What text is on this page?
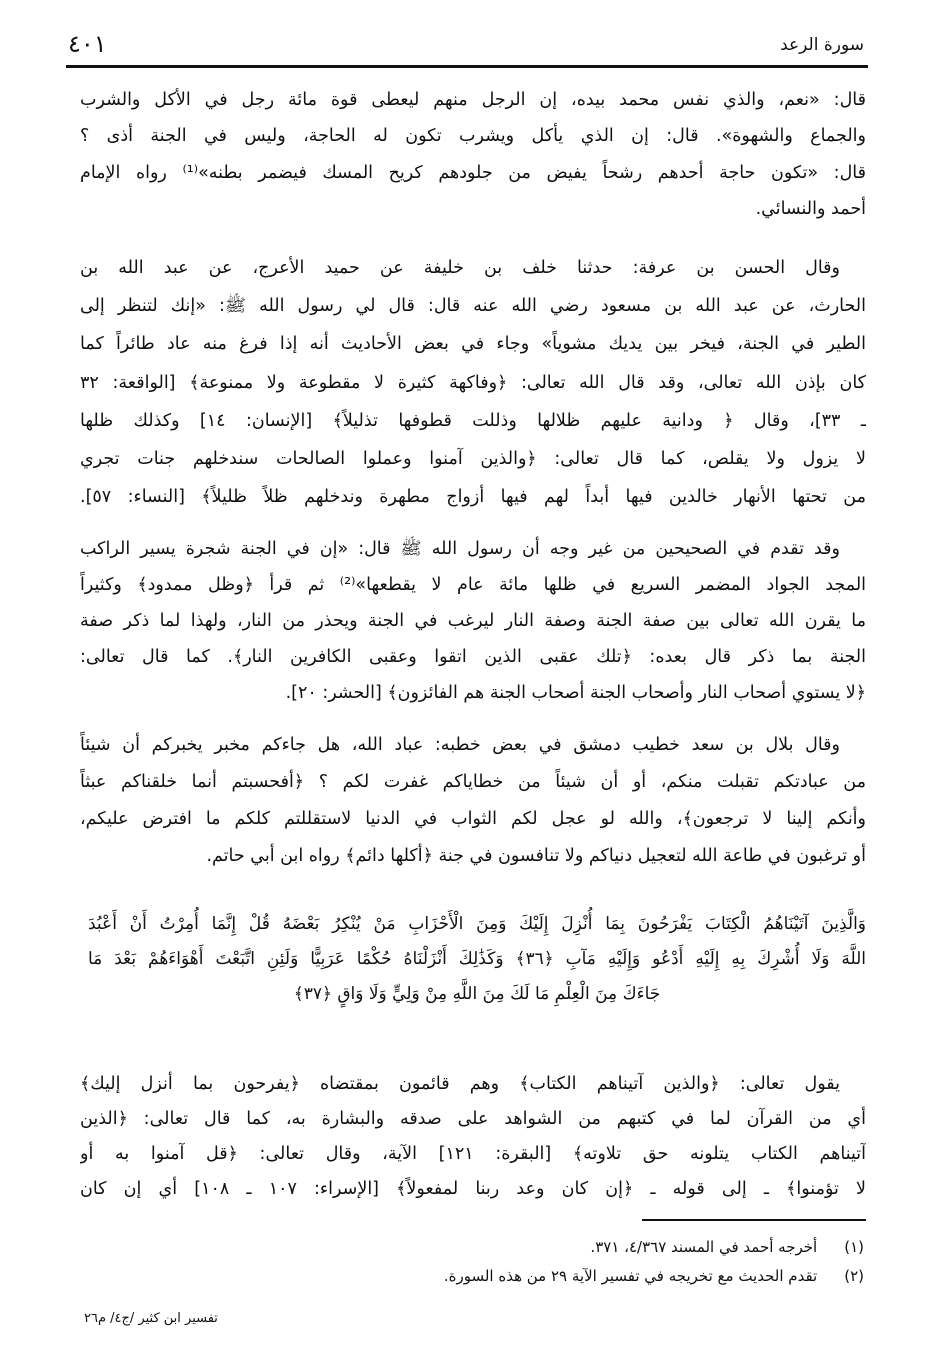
سورة الرعد
٤٠١
قال: «نعم، والذي نفس محمد بيده، إن الرجل منهم ليعطى قوة مائة رجل في الأكل والشرب
والجماع والشهوة». قال: إن الذي يأكل ويشرب تكون له الحاجة، وليس في الجنة أذى ؟
قال: «تكون حاجة أحدهم رشحاً يفيض من جلودهم كريح المسك فيضمر بطنه»⁽¹⁾ رواه الإمام
أحمد والنسائي.
وقال الحسن بن عرفة: حدثنا خلف بن خليفة عن حميد الأعرج، عن عبد الله بن
الحارث، عن عبد الله بن مسعود رضي الله عنه قال: قال لي رسول الله ﷺ: «إنك لتنظر إلى
الطير في الجنة، فيخر بين يديك مشوياً» وجاء في بعض الأحاديث أنه إذا فرغ منه عاد طائراً كما
كان بإذن الله تعالى، وقد قال الله تعالى: ﴿وفاكهة كثيرة لا مقطوعة ولا ممنوعة﴾ [الواقعة: ٣٢
ـ ٣٣]، وقال ﴿ ودانية عليهم ظلالها وذللت قطوفها تذليلاً﴾ [الإنسان: ١٤] وكذلك ظلها
لا يزول ولا يقلص، كما قال تعالى: ﴿والذين آمنوا وعملوا الصالحات سندخلهم جنات تجري
من تحتها الأنهار خالدين فيها أبداً لهم فيها أزواج مطهرة وندخلهم ظلاً ظليلاً﴾ [النساء: ٥٧].
وقد تقدم في الصحيحين من غير وجه أن رسول الله ﷺ قال: «إن في الجنة شجرة يسير الراكب
المجد الجواد المضمر السريع في ظلها مائة عام لا يقطعها»⁽²⁾ ثم قرأ ﴿وظل ممدود﴾ وكثيراً
ما يقرن الله تعالى بين صفة الجنة وصفة النار ليرغب في الجنة ويحذر من النار، ولهذا لما ذكر صفة
الجنة بما ذكر قال بعده: ﴿تلك عقبى الذين اتقوا وعقبى الكافرين النار﴾. كما قال تعالى:
﴿لا يستوي أصحاب النار وأصحاب الجنة أصحاب الجنة هم الفائزون﴾ [الحشر: ٢٠].
وقال بلال بن سعد خطيب دمشق في بعض خطبه: عباد الله، هل جاءكم مخبر يخبركم أن شيئاً
من عبادتكم تقبلت منكم، أو أن شيئاً من خطاياكم غفرت لكم ؟ ﴿أفحسبتم أنما خلقناكم عبثاً
وأنكم إلينا لا ترجعون﴾، والله لو عجل لكم الثواب في الدنيا لاستقللتم كلكم ما افترض عليكم،
أو ترغبون في طاعة الله لتعجيل دنياكم ولا تنافسون في جنة ﴿أكلها دائم﴾ رواه ابن أبي حاتم.
وَالَّذِينَ آتَيْنَاهُمُ الْكِتَابَ يَفْرَحُونَ بِمَا أُنْزِلَ إِلَيْكَ وَمِنَ الْأَحْزَابِ مَنْ يُنْكِرُ بَعْضَهُ قُلْ إِنَّمَا أُمِرْتُ أَنْ أَعْبُدَ
اللَّهَ وَلَا أُشْرِكَ بِهِ إِلَيْهِ أَدْعُو وَإِلَيْهِ مَآبِ ﴿٣٦﴾ وَكَذَٰلِكَ أَنْزَلْنَاهُ حُكْمًا عَرَبِيًّا وَلَئِنِ اتَّبَعْتَ أَهْوَاءَهُمْ بَعْدَ مَا
جَاءَكَ مِنَ الْعِلْمِ مَا لَكَ مِنَ اللَّهِ مِنْ وَلِيٍّ وَلَا وَاقٍ ﴿٣٧﴾
يقول تعالى: ﴿والذين آتيناهم الكتاب﴾ وهم قائمون بمقتضاه ﴿يفرحون بما أنزل إليك﴾
أي من القرآن لما في كتبهم من الشواهد على صدقه والبشارة به، كما قال تعالى: ﴿الذين
آتيناهم الكتاب يتلونه حق تلاوته﴾ [البقرة: ١٢١] الآية، وقال تعالى: ﴿قل آمنوا به أو
لا تؤمنوا﴾ ـ إلى قوله ـ ﴿إن كان وعد ربنا لمفعولاً﴾ [الإسراء: ١٠٧ ـ ١٠٨] أي إن كان
(١) أخرجه أحمد في المسند ٤/٣٦٧، ٣٧١.
(٢) تقدم الحديث مع تخريجه في تفسير الآية ٢٩ من هذه السورة.
تفسير ابن كثير /ج٤/ م٢٦
